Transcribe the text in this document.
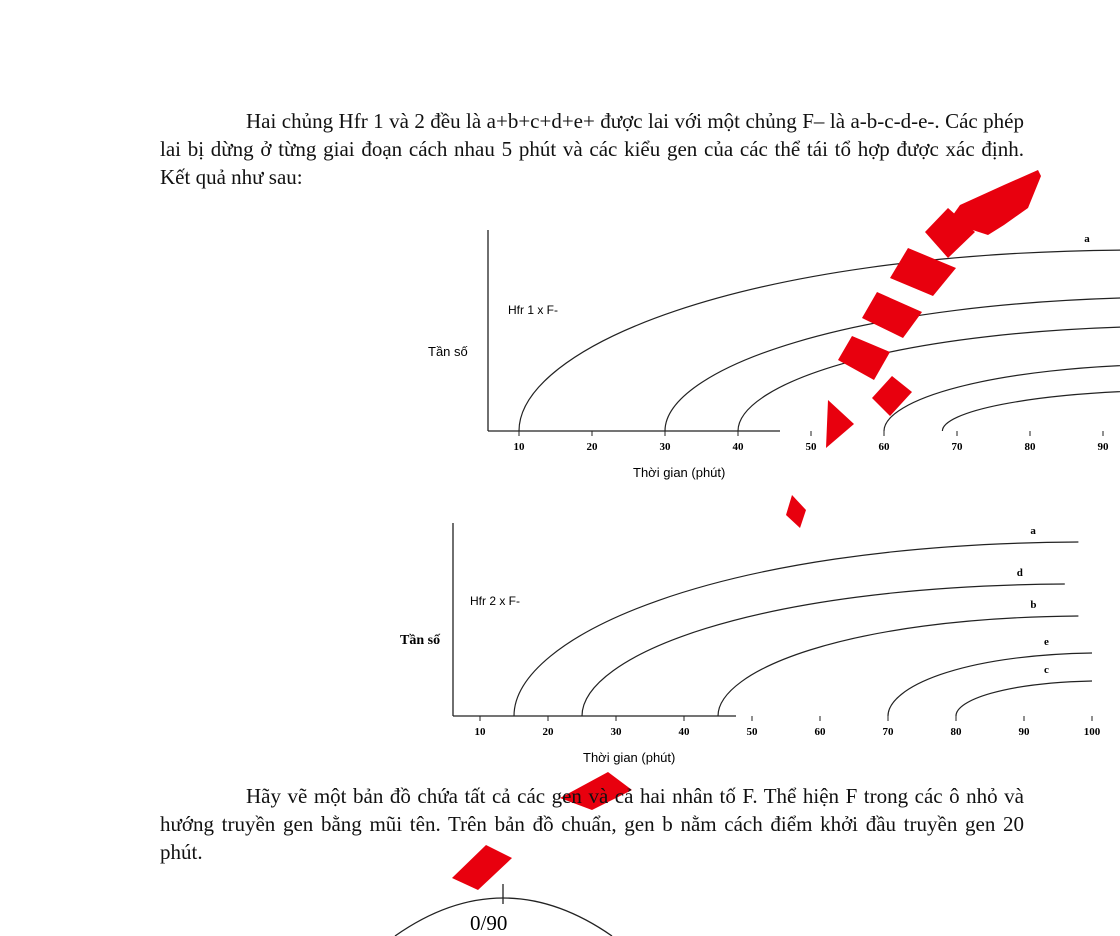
Hai chủng Hfr 1 và 2 đều là a+b+c+d+e+ được lai với một chủng F– là a-b-c-d-e-. Các phép lai bị dừng ở từng giai đoạn cách nhau 5 phút và các kiểu gen của các thể tái tổ hợp được xác định. Kết quả như sau:

Tần số
Hfr 1 x F-
Thời gian (phút)
10	20	30	40	50	60	70	80	90
a
Tần số
Hfr 2 x F-
Thời gian (phút)
10	20	30	40	50	60	70	80	90	100
a
d
b
e
c
0/90

Hãy vẽ một bản đồ chứa tất cả các gen và cả hai nhân tố F. Thể hiện F trong các ô nhỏ và hướng truyền gen bằng mũi tên. Trên bản đồ chuẩn, gen b nằm cách điểm khởi đầu truyền gen 20 phút.
